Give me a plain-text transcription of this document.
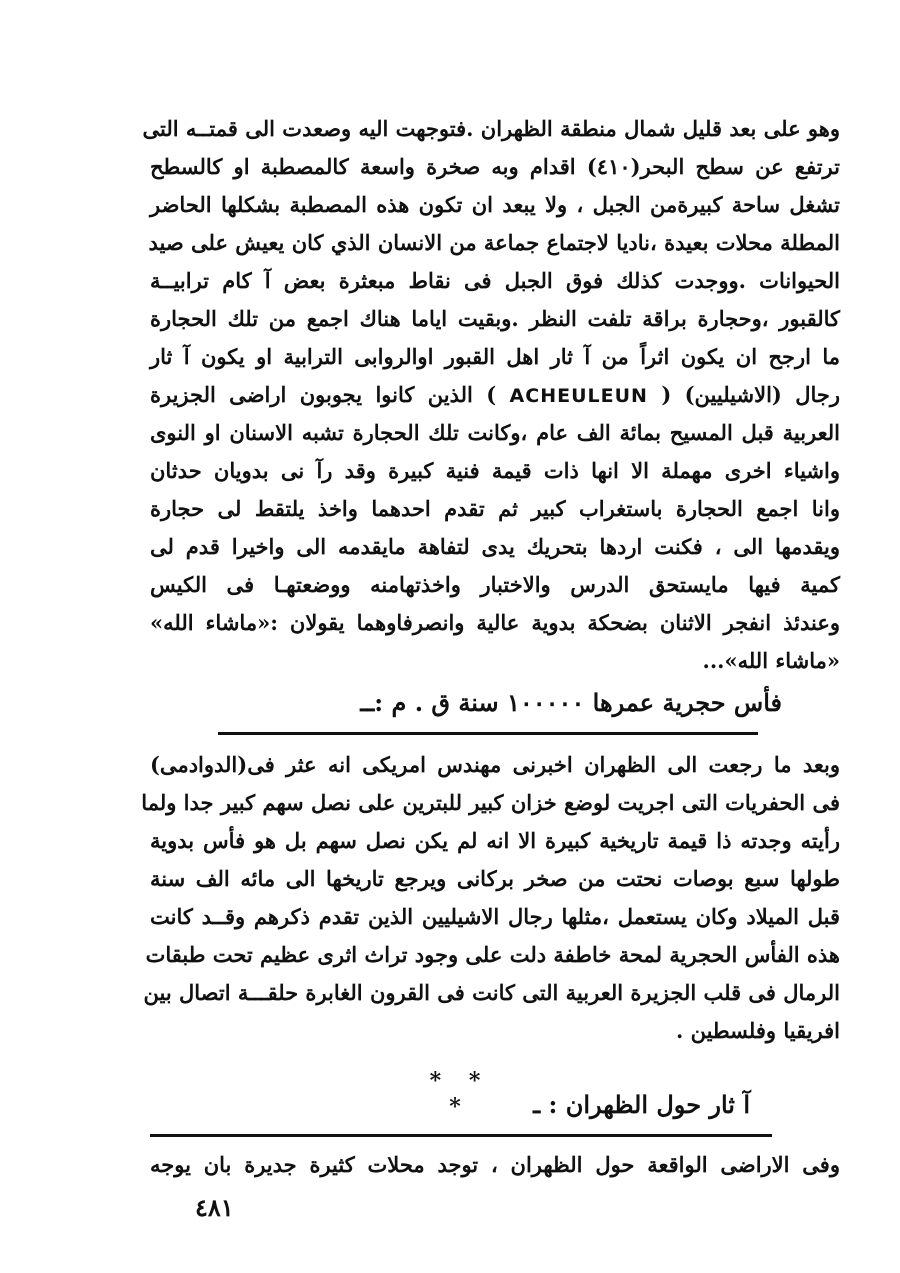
وهو على بعد قليل شمال منطقة الظهران .فتوجهت اليه وصعدت الى قمتــه التى
ترتفع عن سطح البحر(٤١٠) اقدام وبه صخرة واسعة كالمصطبة او كالسطح
تشغل ساحة كبيرةمن الجبل ، ولا يبعد ان تكون هذه المصطبة بشكلها الحاضر
المطلة محلات بعيدة ،ناديا لاجتماع جماعة من الانسان الذي كان يعيش على صيد
الحيوانات .ووجدت كذلك فوق الجبل فى نقاط مبعثرة بعض آ كام ترابيــة
كالقبور ،وحجارة براقة تلفت النظر .وبقيت اياما هناك اجمع من تلك الحجارة
ما ارجح ان يكون اثراً من آ ثار اهل القبور اوالروابى الترابية او يكون آ ثار
رجال (الاشيليين) ( ACHEULEUN ) الذين كانوا يجوبون اراضى الجزيرة
العربية قبل المسيح بمائة الف عام ،وكانت تلك الحجارة تشبه الاسنان او النوى
واشياء اخرى مهملة الا انها ذات قيمة فنية كبيرة وقد رآ نى بدويان حدثان
وانا اجمع الحجارة باستغراب كبير ثم تقدم احدهما واخذ يلتقط لى حجارة
ويقدمها الى ، فكنت اردها بتحريك يدى لتفاهة مايقدمه الى واخيرا قدم لى
كمية فيها مايستحق الدرس والاختبار واخذتهامنه ووضعتهـا فى الكيس
وعندئذ انفجر الاثنان بضحكة بدوية عالية وانصرفاوهما يقولان :«ماشاء الله»
«ماشاء الله»...
فأس حجرية عمرها ١٠٠٠٠٠ سنة ق . م :ــ
وبعد ما رجعت الى الظهران اخبرنى مهندس امريكى انه عثر فى(الدوادمى)
فى الحفريات التى اجريت لوضع خزان كبير للبترين على نصل سهم كبير جدا ولما
رأيته وجدته ذا قيمة تاريخية كبيرة الا انه لم يكن نصل سهم بل هو فأس بدوية
طولها سبع بوصات نحتت من صخر بركانى ويرجع تاريخها الى مائه الف سنة
قبل الميلاد وكان يستعمل ،مثلها رجال الاشيليين الذين تقدم ذكرهم وقــد كانت
هذه الفأس الحجرية لمحة خاطفة دلت على وجود تراث اثرى عظيم تحت طبقات
الرمال فى قلب الجزيرة العربية التى كانت فى القرون الغابرة حلقـــة اتصال بين
افريقيا وفلسطين .
* * *	آ ثار حول الظهران : ـ
وفى الاراضى الواقعة حول الظهران ، توجد محلات كثيرة جديرة بان يوجه
٤٨١
